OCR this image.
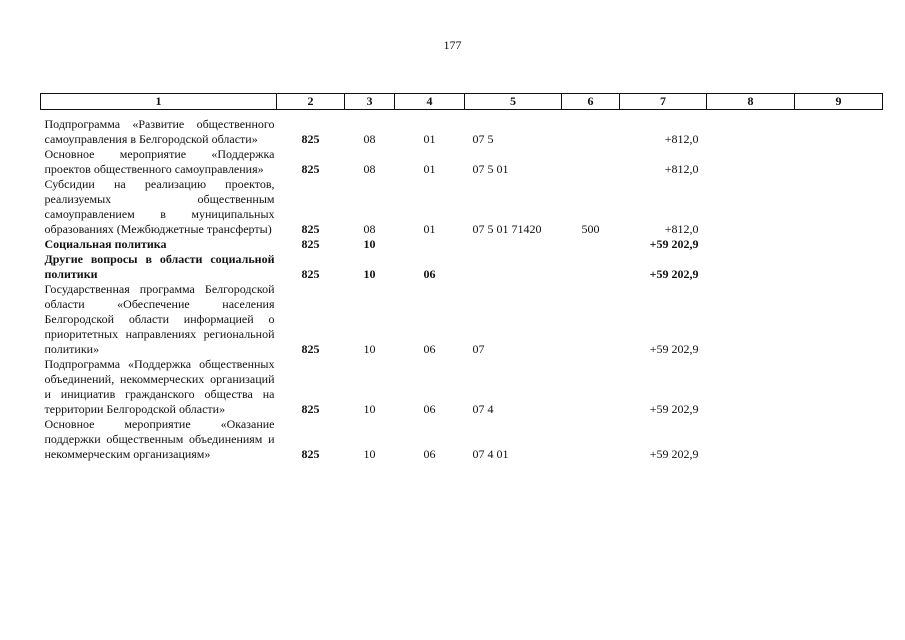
177
1	2	3	4	5	6	7	8	9

Подпрограмма «Развитие общественного самоуправления в Белгородской области»	825	08	01	07 5		+812,0		
Основное мероприятие «Поддержка проектов общественного самоуправления»	825	08	01	07 5 01		+812,0		
Субсидии на реализацию проектов, реализуемых общественным самоуправлением в муниципальных образованиях (Межбюджетные трансферты)	825	08	01	07 5 01 71420	500	+812,0		
Социальная политика	825	10				+59 202,9		
Другие вопросы в области социальной политики	825	10	06			+59 202,9		
Государственная программа Белгородской области «Обеспечение населения Белгородской области информацией о приоритетных направлениях региональной политики»	825	10	06	07		+59 202,9		
Подпрограмма «Поддержка общественных объединений, некоммерческих организаций и инициатив гражданского общества на территории Белгородской области»	825	10	06	07 4		+59 202,9		
Основное мероприятие «Оказание поддержки общественным объединениям и некоммерческим организациям»	825	10	06	07 4 01		+59 202,9		
